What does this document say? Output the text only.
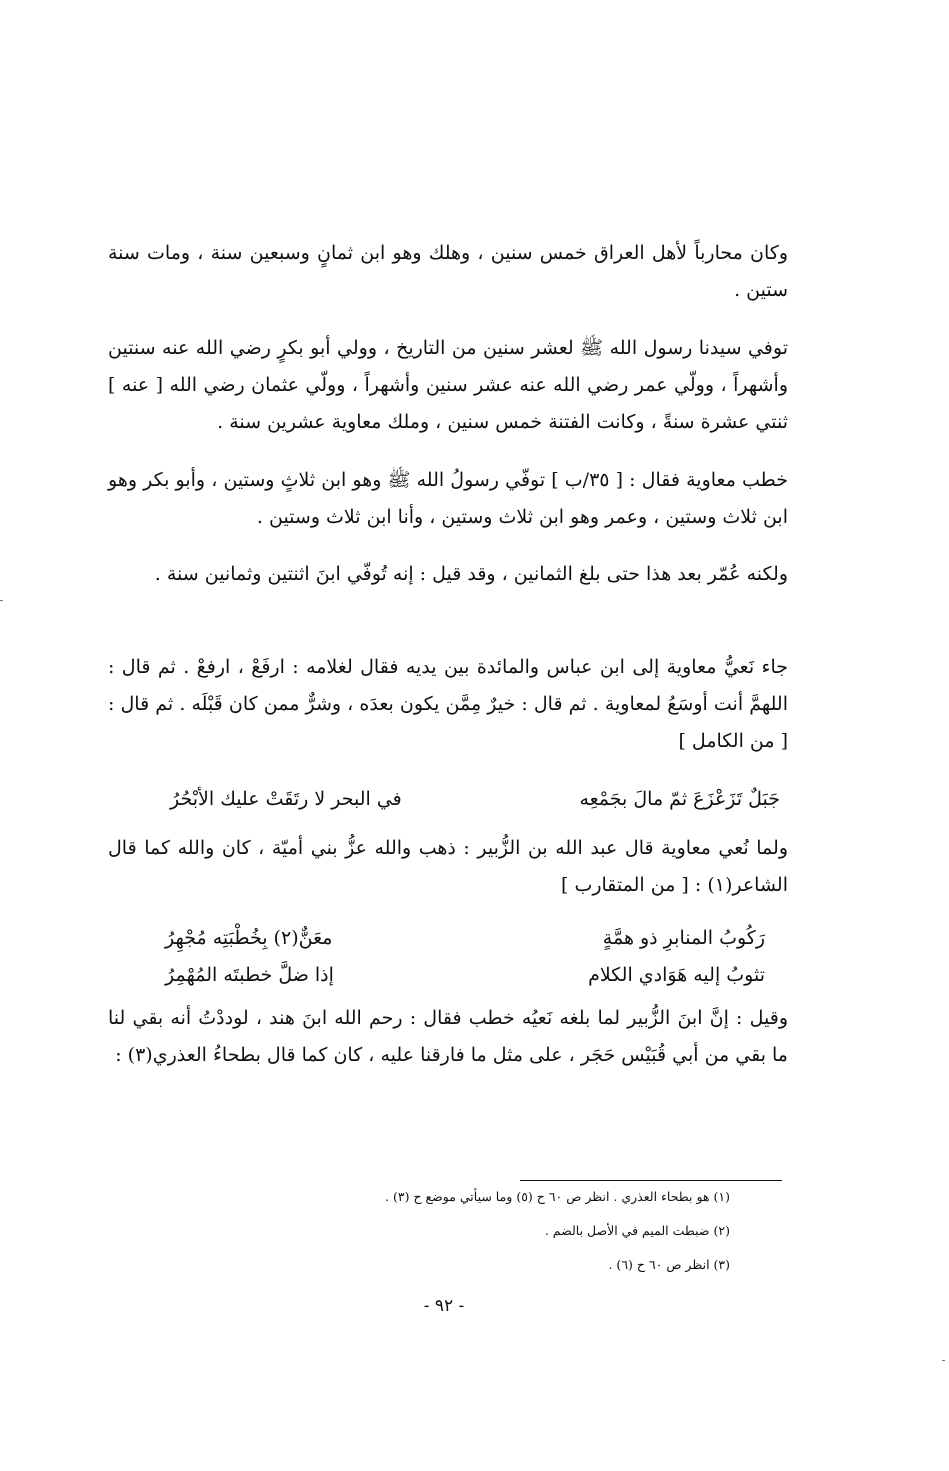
وكان محارباً لأهل العراق خمس سنين ، وهلك وهو ابن ثمانٍ وسبعين سنة ، ومات سنة ستين .

توفي سيدنا رسول الله ﷺ لعشر سنين من التاريخ ، وولي أبو بكرٍ رضي الله عنه سنتين وأشهراً ، وولّي عمر رضي الله عنه عشر سنين وأشهراً ، وولّي عثمان رضي الله [ عنه ] ثنتي عشرة سنةً ، وكانت الفتنة خمس سنين ، وملك معاوية عشرين سنة .

خطب معاوية فقال : [ ٣٥/ب ] توفّي رسولُ الله ﷺ وهو ابن ثلاثٍ وستين ، وأبو بكر وهو ابن ثلاث وستين ، وعمر وهو ابن ثلاث وستين ، وأنا ابن ثلاث وستين .

ولكنه عُمّر بعد هذا حتى بلغ الثمانين ، وقد قيل : إنه تُوفّي ابنَ اثنتين وثمانين سنة .

جاء نَعيُّ معاوية إلى ابن عباس والمائدة بين يديه فقال لغلامه : ارفَعْ ، ارفعْ . ثم قال : اللهمَّ أنت أوسَعُ لمعاوية . ثم قال : خيرٌ مِمَّن يكون بعدَه ، وشرٌّ ممن كان قَبْلَه . ثم قال : [ من الكامل ]

جَبَلٌ تَزَعْزَعَ ثمّ مالَ بجَمْعِه
في البحر لا رتَقَتْ عليك الأبْحُرُ

ولما نُعي معاوية قال عبد الله بن الزُّبير : ذهب والله عزُّ بني أميّة ، كان والله كما قال الشاعر(١) : [ من المتقارب ]

رَكُوبُ المنابرِ ذو همَّةٍ
معَنٌّ(٢) بِخُطْبَتِه مُجْهِرُ
تثوبُ إليه هَوَادي الكلام
إذا ضلَّ خطبتَه المُهْمِرُ

وقيل : إنَّ ابنَ الزُّبير لما بلغه نَعيُه خطب فقال : رحم الله ابنَ هند ، لوددْتُ أنه بقي لنا ما بقي من أبي قُبَيْس حَجَر ، على مثل ما فارقنا عليه ، كان كما قال بطحاءُ العذري(٣) :

(١) هو بطحاء العذري . انظر ص ٦٠ ح (٥) وما سيأتي موضع ح (٣) .

(٢) ضبطت الميم في الأصل بالضم .

(٣) انظر ص ٦٠ ح (٦) .

- ٩٢ -
